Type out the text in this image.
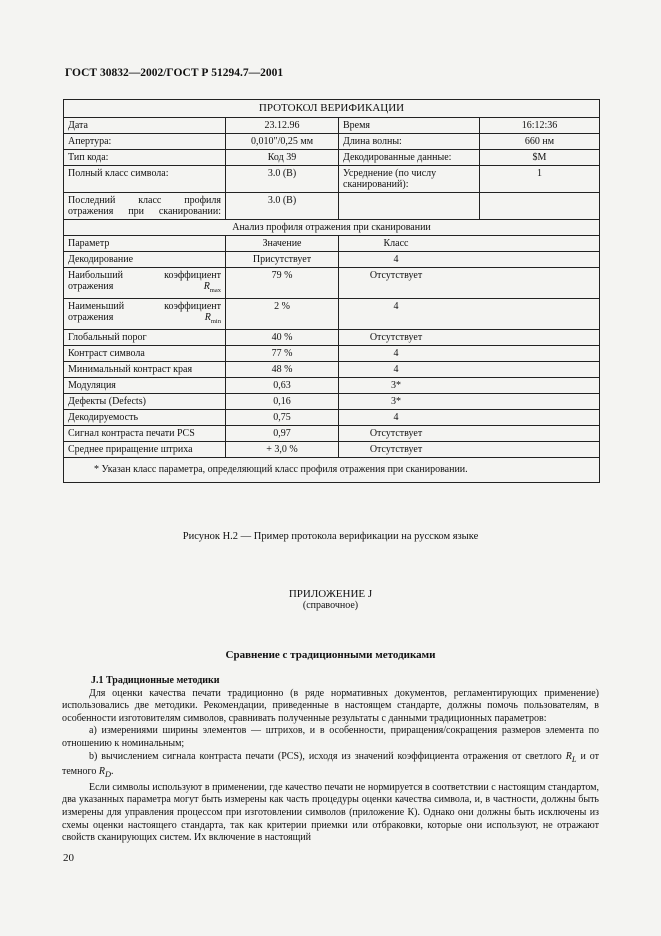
ГОСТ 30832—2002/ГОСТ Р 51294.7—2001
ПРОТОКОЛ ВЕРИФИКАЦИИ			
Дата	23.12.96	Время	16:12:36
Апертура:	0,010″/0,25 мм	Длина волны:	660 нм
Тип кода:	Код 39	Декодированные данные:	$M
Полный класс символа:	3.0 (B)	Усреднение (по числу сканирований):	1
Последний класс профиля отражения при сканировании:	3.0 (B)		
Анализ профиля отражения при сканировании			
Параметр	Значение	Класс	
Декодирование	Присутствует	4	
Наибольший коэффициент отражения $R_{max}$	79 %	Отсутствует	
Наименьший коэффициент отражения $R_{min}$	2 %	4	
Глобальный порог	40 %	Отсутствует	
Контраст символа	77 %	4	
Минимальный контраст края	48 %	4	
Модуляция	0,63	3*	
Дефекты (Defects)	0,16	3*	
Декодируемость	0,75	4	
Сигнал контраста печати PCS	0,97	Отсутствует	
Среднее приращение штриха	+ 3,0 %	Отсутствует	
* Указан класс параметра, определяющий класс профиля отражения при сканировании.			
Рисунок Н.2 — Пример протокола верификации на русском языке
ПРИЛОЖЕНИЕ J
(справочное)
Сравнение с традиционными методиками
J.1 Традиционные методики

Для оценки качества печати традиционно (в ряде нормативных документов, регламентирующих применение) использовались две методики. Рекомендации, приведенные в настоящем стандарте, должны помочь пользователям, в особенности изготовителям символов, сравнивать полученные результаты с данными традиционных параметров:

а) измерениями ширины элементов — штрихов, и в особенности, приращения/сокращения размеров элемента по отношению к номинальным;

b) вычислением сигнала контраста печати (PCS), исходя из значений коэффициента отражения от светлого $R_L$ и от темного $R_D$.

Если символы используют в применении, где качество печати не нормируется в соответствии с настоящим стандартом, два указанных параметра могут быть измерены как часть процедуры оценки качества символа, и, в частности, должны быть измерены для управления процессом при изготовлении символов (приложение К). Однако они должны быть исключены из схемы оценки настоящего стандарта, так как критерии приемки или отбраковки, которые они используют, не отражают свойств сканирующих систем. Их включение в настоящий

20
